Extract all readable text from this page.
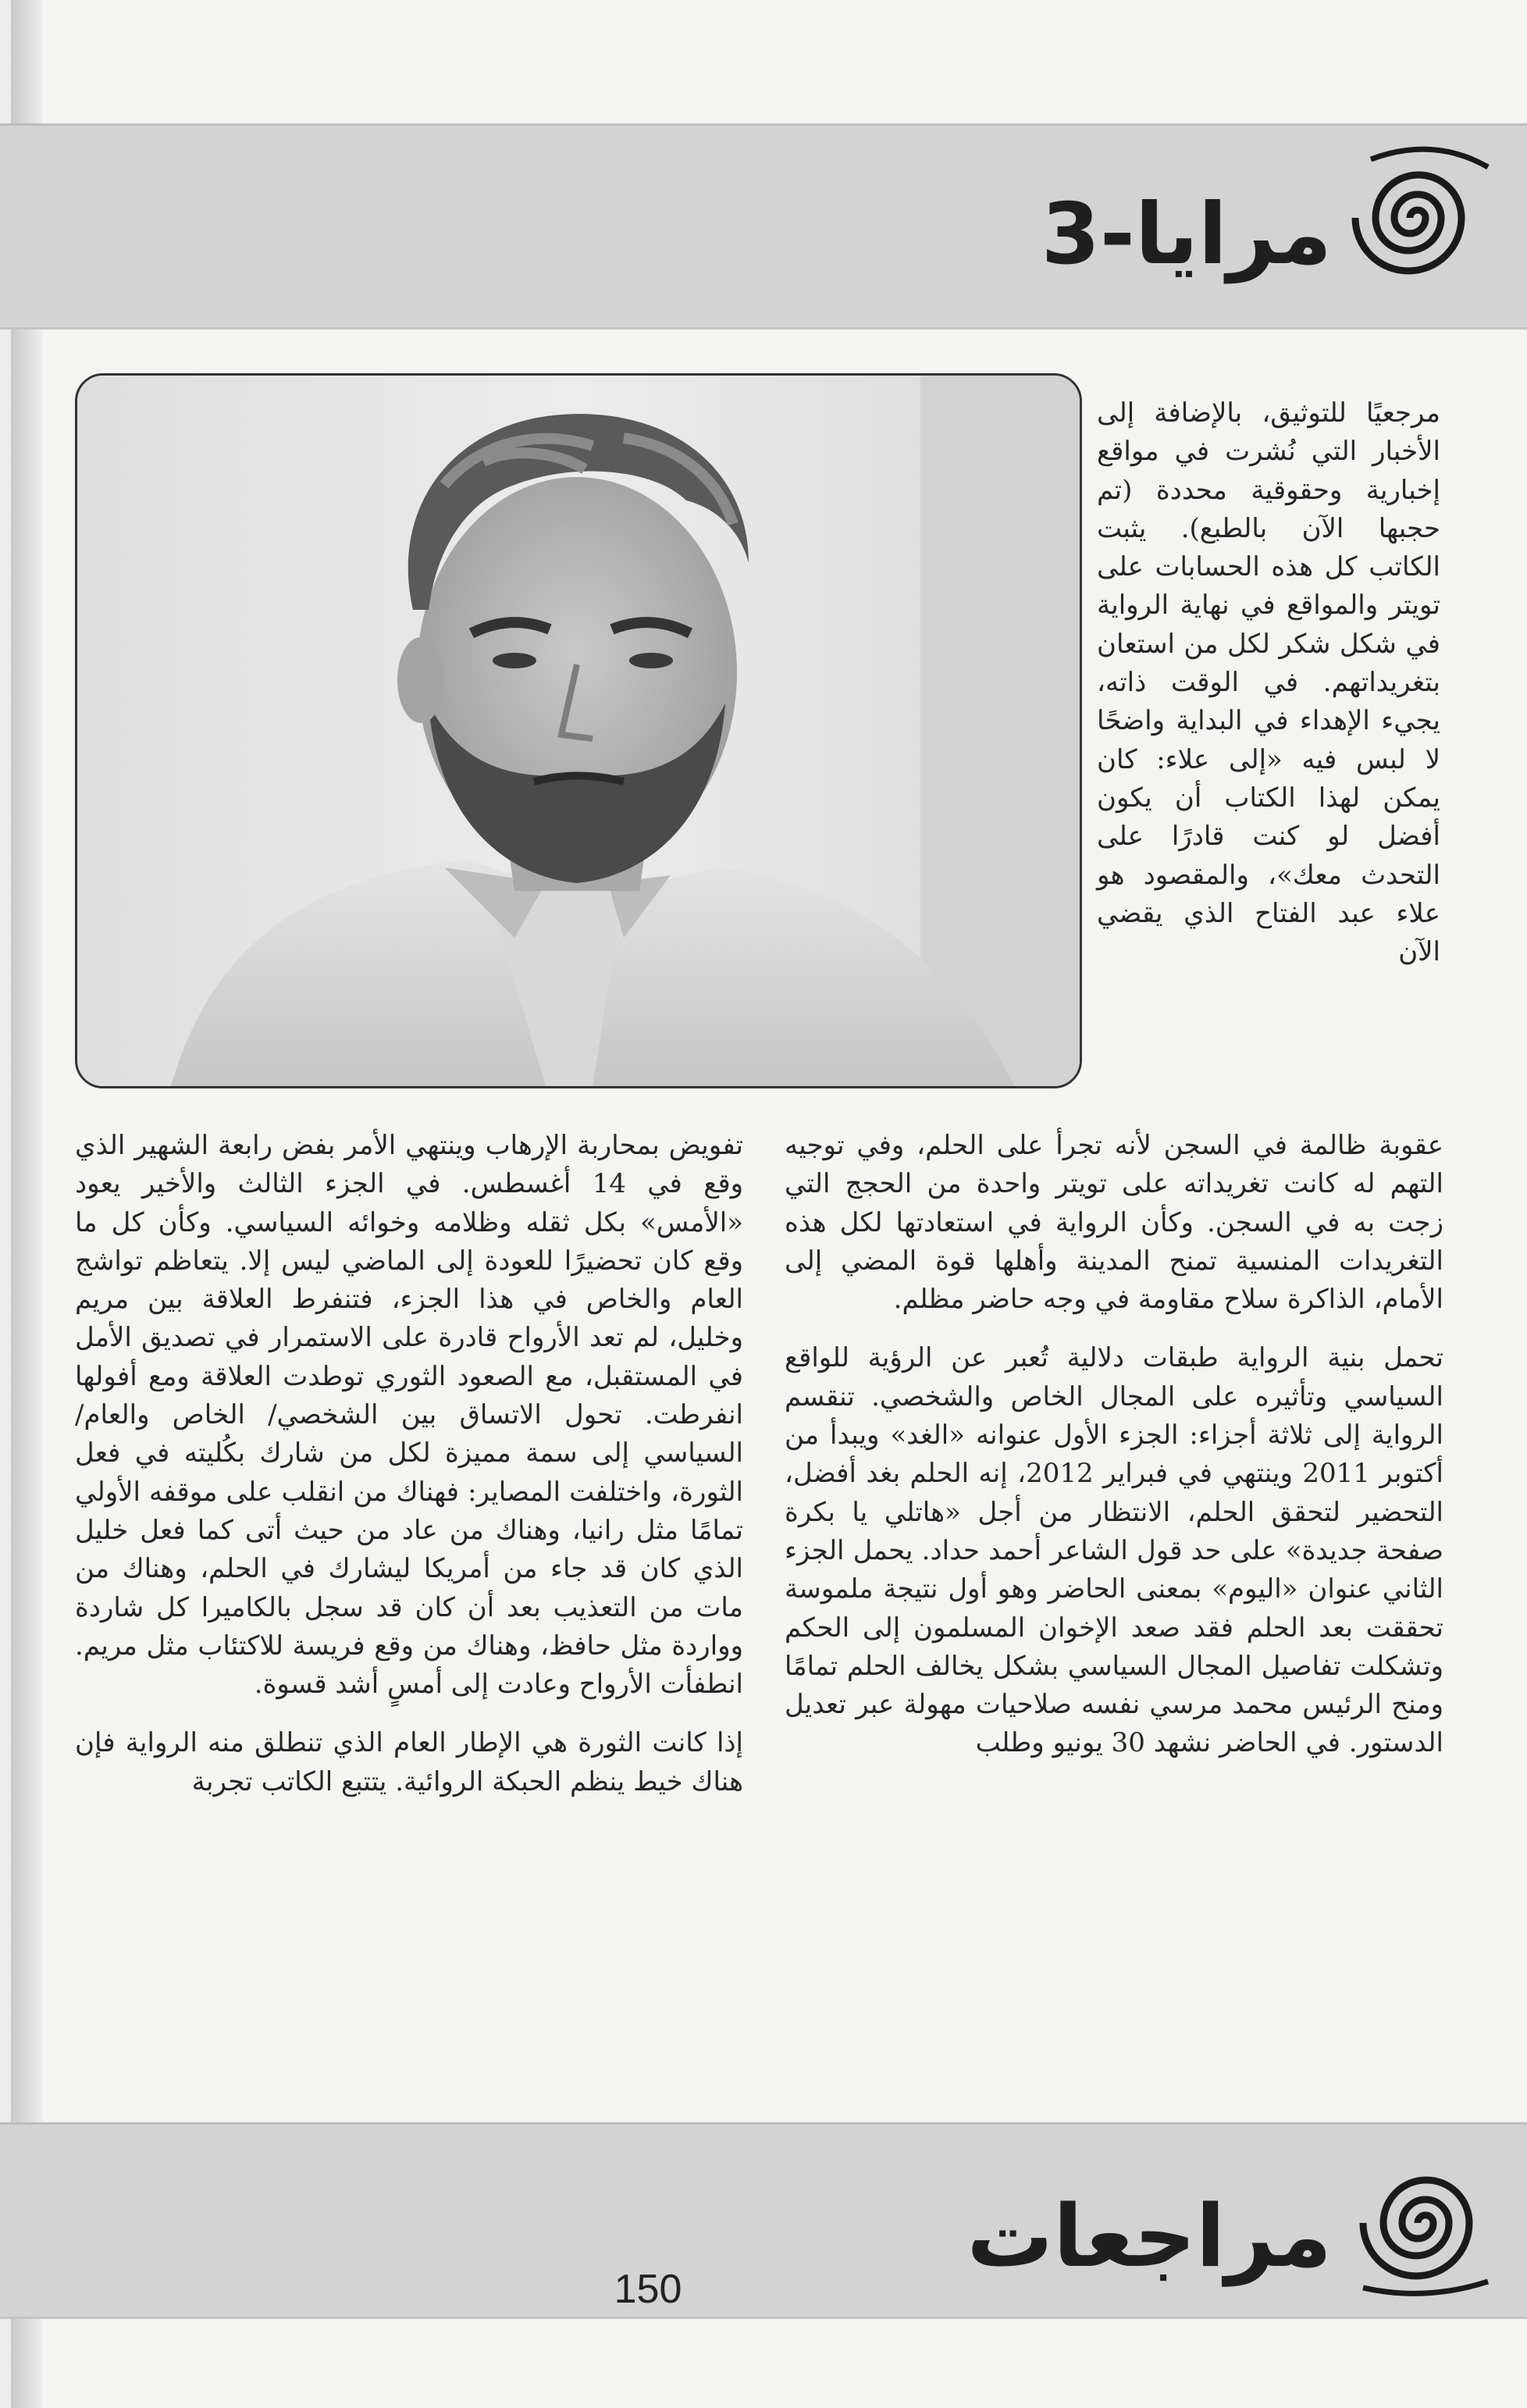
مرايا-3

مرجعيًا للتوثيق، بالإضافة إلى الأخبار التي نُشرت في مواقع إخبارية وحقوقية محددة (تم حجبها الآن بالطبع). يثبت الكاتب كل هذه الحسابات على تويتر والمواقع في نهاية الرواية في شكل شكر لكل من استعان بتغريداتهم. في الوقت ذاته، يجيء الإهداء في البداية واضحًا لا لبس فيه «إلى علاء: كان يمكن لهذا الكتاب أن يكون أفضل لو كنت قادرًا على التحدث معك»، والمقصود هو علاء عبد الفتاح الذي يقضي الآن

عقوبة ظالمة في السجن لأنه تجرأ على الحلم، وفي توجيه التهم له كانت تغريداته على تويتر واحدة من الحجج التي زجت به في السجن. وكأن الرواية في استعادتها لكل هذه التغريدات المنسية تمنح المدينة وأهلها قوة المضي إلى الأمام، الذاكرة سلاح مقاومة في وجه حاضر مظلم.

تحمل بنية الرواية طبقات دلالية تُعبر عن الرؤية للواقع السياسي وتأثيره على المجال الخاص والشخصي. تنقسم الرواية إلى ثلاثة أجزاء: الجزء الأول عنوانه «الغد» ويبدأ من أكتوبر 2011 وينتهي في فبراير 2012، إنه الحلم بغد أفضل، التحضير لتحقق الحلم، الانتظار من أجل «هاتلي يا بكرة صفحة جديدة» على حد قول الشاعر أحمد حداد. يحمل الجزء الثاني عنوان «اليوم» بمعنى الحاضر وهو أول نتيجة ملموسة تحققت بعد الحلم فقد صعد الإخوان المسلمون إلى الحكم وتشكلت تفاصيل المجال السياسي بشكل يخالف الحلم تمامًا ومنح الرئيس محمد مرسي نفسه صلاحيات مهولة عبر تعديل الدستور. في الحاضر نشهد 30 يونيو وطلب

تفويض بمحاربة الإرهاب وينتهي الأمر بفض رابعة الشهير الذي وقع في 14 أغسطس. في الجزء الثالث والأخير يعود «الأمس» بكل ثقله وظلامه وخوائه السياسي. وكأن كل ما وقع كان تحضيرًا للعودة إلى الماضي ليس إلا. يتعاظم تواشج العام والخاص في هذا الجزء، فتنفرط العلاقة بين مريم وخليل، لم تعد الأرواح قادرة على الاستمرار في تصديق الأمل في المستقبل، مع الصعود الثوري توطدت العلاقة ومع أفولها انفرطت. تحول الاتساق بين الشخصي/ الخاص والعام/ السياسي إلى سمة مميزة لكل من شارك بكُليته في فعل الثورة، واختلفت المصاير: فهناك من انقلب على موقفه الأولي تمامًا مثل رانيا، وهناك من عاد من حيث أتى كما فعل خليل الذي كان قد جاء من أمريكا ليشارك في الحلم، وهناك من مات من التعذيب بعد أن كان قد سجل بالكاميرا كل شاردة وواردة مثل حافظ، وهناك من وقع فريسة للاكتئاب مثل مريم. انطفأت الأرواح وعادت إلى أمسٍ أشد قسوة.

إذا كانت الثورة هي الإطار العام الذي تنطلق منه الرواية فإن هناك خيط ينظم الحبكة الروائية. يتتبع الكاتب تجربة

مراجعات
150
